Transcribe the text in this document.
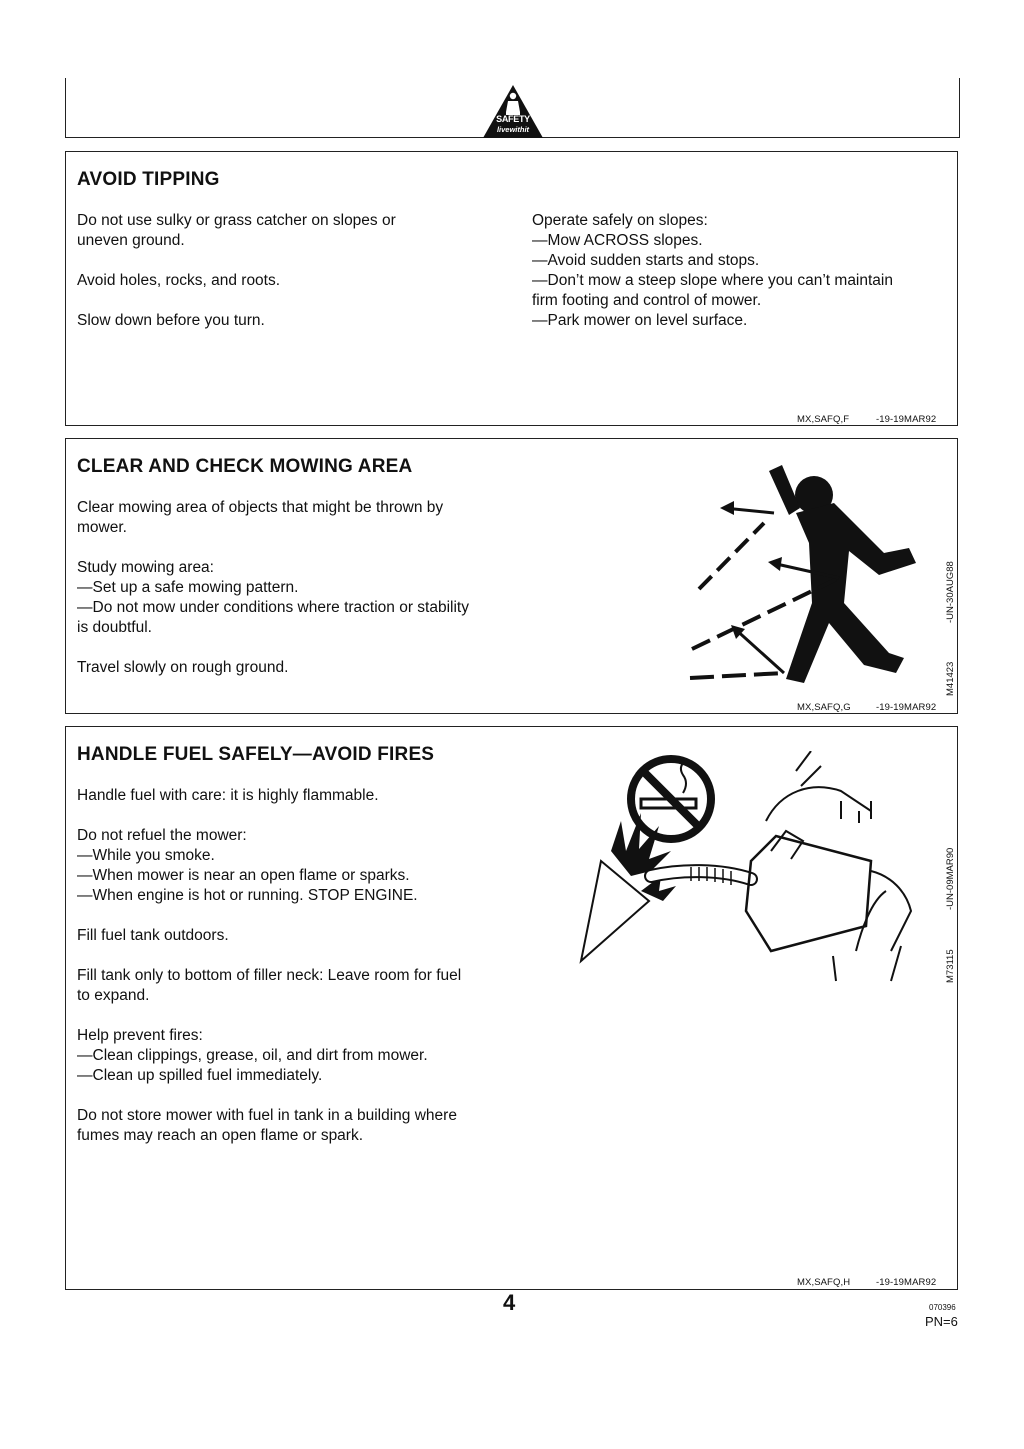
SAFETY
livewithit
AVOID TIPPING

Do not use sulky or grass catcher on slopes or

uneven ground.

Avoid holes, rocks, and roots.

Slow down before you turn.

Operate safely on slopes:

—Mow ACROSS slopes.

—Avoid sudden starts and stops.

—Don’t mow a steep slope where you can’t maintain

firm footing and control of mower.

—Park mower on level surface.

MX,SAFQ,F	-19-19MAR92
CLEAR AND CHECK MOWING AREA

Clear mowing area of objects that might be thrown by

mower.

Study mowing area:

—Set up a safe mowing pattern.

—Do not mow under conditions where traction or stability

is doubtful.

Travel slowly on rough ground.	M41423
-UN-30AUG88
MX,SAFQ,G	-19-19MAR92
HANDLE FUEL SAFELY—AVOID FIRES

Handle fuel with care: it is highly flammable.

Do not refuel the mower:

—While you smoke.

—When mower is near an open flame or sparks.

—When engine is hot or running. STOP ENGINE.

Fill fuel tank outdoors.

Fill tank only to bottom of filler neck: Leave room for fuel

to expand.

Help prevent fires:

—Clean clippings, grease, oil, and dirt from mower.

—Clean up spilled fuel immediately.

Do not store mower with fuel in tank in a building where

fumes may reach an open flame or spark.

M73115
-UN-09MAR90
MX,SAFQ,H	-19-19MAR92
4	070396
PN=6
